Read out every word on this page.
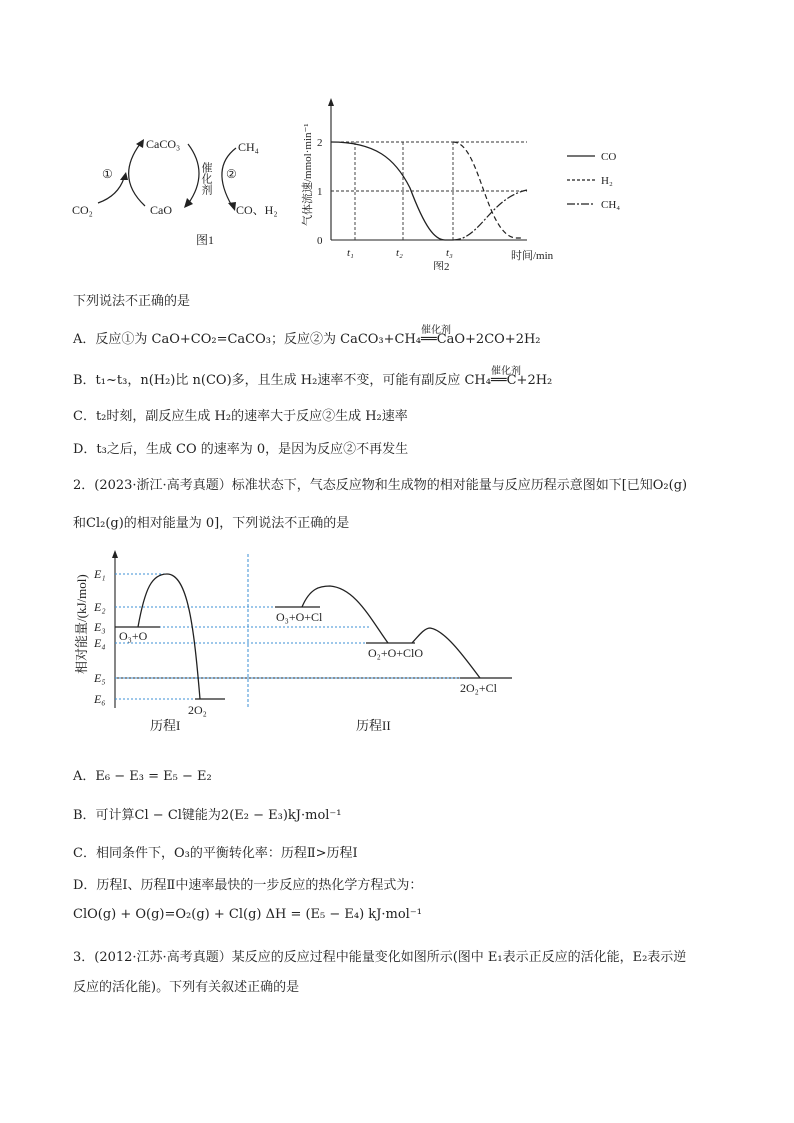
CaCO₃
CaO
CO₂
CH₄
CO、H₂
①	②
图1
催化剂	气体流速/mmol·min⁻¹
0
1
2
t₁	t₂	t₃	时间/min
图2
CO
H₂
CH₄
下列说法不正确的是
A．反应①为 CaO+CO₂=CaCO₃；反应②为 CaCO₃+CH₄══
催化剂
CaO+2CO+2H₂
B．t₁~t₃，n(H₂)比 n(CO)多，且生成 H₂速率不变，可能有副反应 CH₄══
催化剂
C+2H₂
C．t₂时刻，副反应生成 H₂的速率大于反应②生成 H₂速率
D．t₃之后，生成 CO 的速率为 0，是因为反应②不再发生
2．(2023·浙江·高考真题）标准状态下，气态反应物和生成物的相对能量与反应历程示意图如下[已知O₂(g)
和Cl₂(g)的相对能量为 0]，下列说法不正确的是
相对能量/(kJ/mol)
E₁
E₂
E₃
E₄
E₅
E₆
O₃+O
2O₂
O₃+O+Cl
O₂+O+ClO
2O₂+Cl
历程I	历程II
A．E₆ − E₃ = E₅ − E₂
B．可计算Cl − Cl键能为2(E₂ − E₃)kJ·mol⁻¹
C．相同条件下，O₃的平衡转化率：历程Ⅱ>历程Ⅰ
D．历程Ⅰ、历程Ⅱ中速率最快的一步反应的热化学方程式为：
ClO(g) + O(g)=O₂(g) + Cl(g) ΔH = (E₅ − E₄) kJ·mol⁻¹
3．(2012·江苏·高考真题）某反应的反应过程中能量变化如图所示(图中 E₁表示正反应的活化能，E₂表示逆
反应的活化能)。下列有关叙述正确的是
